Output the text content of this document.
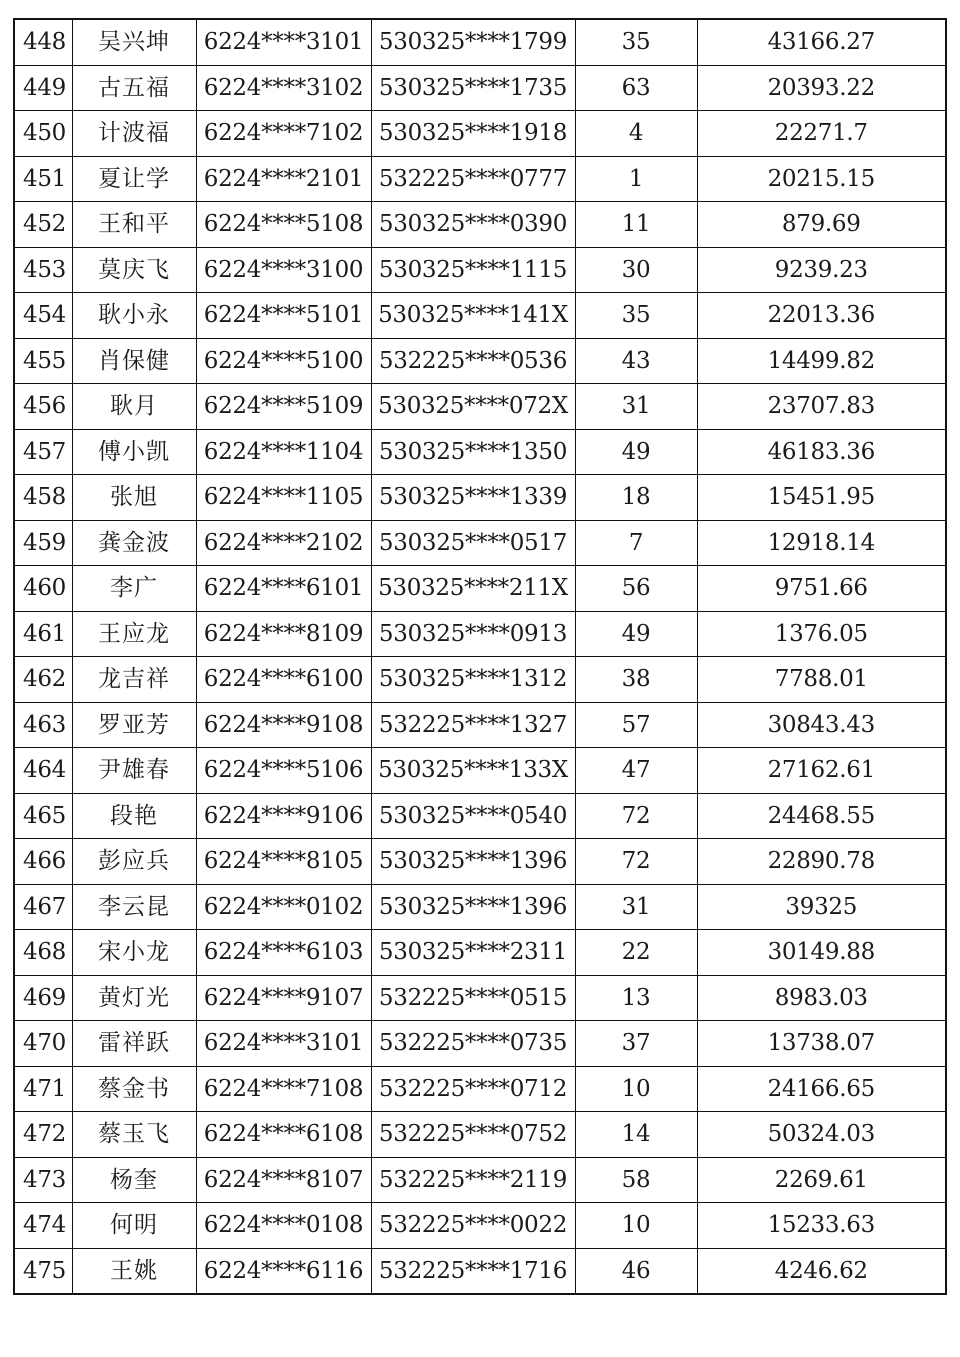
448	吴兴坤	6224****3101	530325****1799	35	43166.27
449	古五福	6224****3102	530325****1735	63	20393.22
450	计波福	6224****7102	530325****1918	4	22271.7
451	夏让学	6224****2101	532225****0777	1	20215.15
452	王和平	6224****5108	530325****0390	11	879.69
453	莫庆飞	6224****3100	530325****1115	30	9239.23
454	耿小永	6224****5101	530325****141X	35	22013.36
455	肖保健	6224****5100	532225****0536	43	14499.82
456	耿月	6224****5109	530325****072X	31	23707.83
457	傅小凯	6224****1104	530325****1350	49	46183.36
458	张旭	6224****1105	530325****1339	18	15451.95
459	龚金波	6224****2102	530325****0517	7	12918.14
460	李广	6224****6101	530325****211X	56	9751.66
461	王应龙	6224****8109	530325****0913	49	1376.05
462	龙吉祥	6224****6100	530325****1312	38	7788.01
463	罗亚芳	6224****9108	532225****1327	57	30843.43
464	尹雄春	6224****5106	530325****133X	47	27162.61
465	段艳	6224****9106	530325****0540	72	24468.55
466	彭应兵	6224****8105	530325****1396	72	22890.78
467	李云昆	6224****0102	530325****1396	31	39325
468	宋小龙	6224****6103	530325****2311	22	30149.88
469	黄灯光	6224****9107	532225****0515	13	8983.03
470	雷祥跃	6224****3101	532225****0735	37	13738.07
471	蔡金书	6224****7108	532225****0712	10	24166.65
472	蔡玉飞	6224****6108	532225****0752	14	50324.03
473	杨奎	6224****8107	532225****2119	58	2269.61
474	何明	6224****0108	532225****0022	10	15233.63
475	王姚	6224****6116	532225****1716	46	4246.62
